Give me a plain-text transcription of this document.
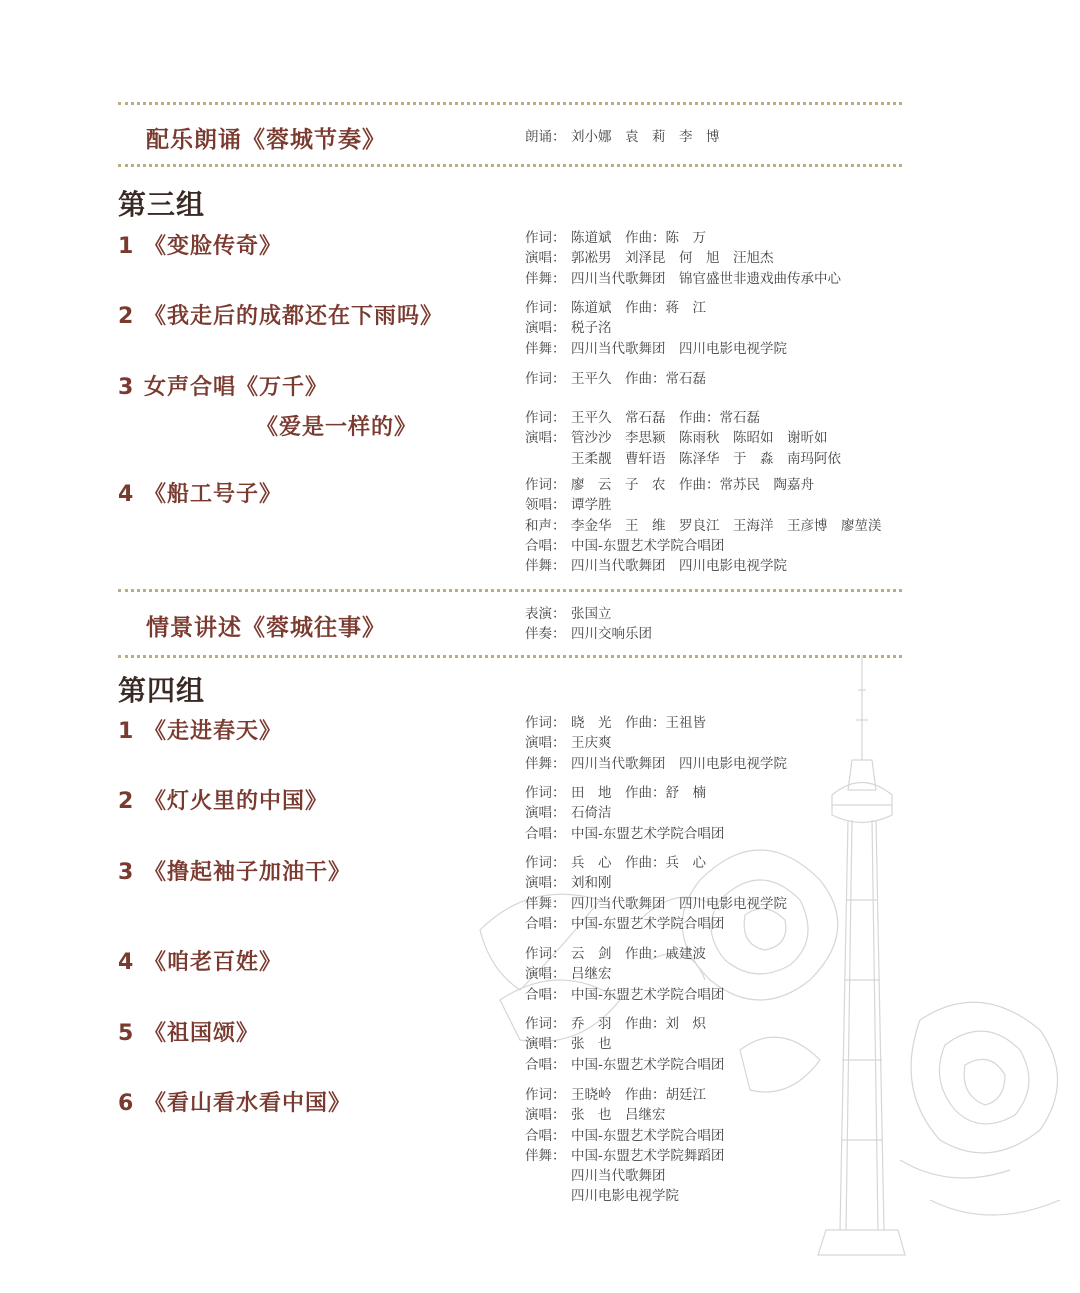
配乐朗诵《蓉城节奏》	朗诵： 刘小娜　袁　莉　李　博
第三组
1 《变脸传奇》	作词： 陈道斌　作曲：陈　万
演唱： 郭凇男　刘泽昆　何　旭　汪旭杰
伴舞： 四川当代歌舞团　锦官盛世非遗戏曲传承中心
2 《我走后的成都还在下雨吗》	作词： 陈道斌　作曲：蒋　江
演唱： 税子洺
伴舞： 四川当代歌舞团　四川电影电视学院
3 女声合唱《万千》	作词： 王平久　作曲：常石磊
《爱是一样的》	作词： 王平久　常石磊　作曲：常石磊
演唱： 管沙沙　李思颍　陈雨秋　陈昭如　谢昕如
王柔靓　曹轩语　陈泽华　于　淼　南玛阿依
4 《船工号子》	作词： 廖　云　子　农　作曲：常苏民　陶嘉舟
领唱： 谭学胜
和声： 李金华　王　维　罗良江　王海洋　王彦博　廖堃渼
合唱： 中国-东盟艺术学院合唱团
伴舞： 四川当代歌舞团　四川电影电视学院
情景讲述《蓉城往事》
表演： 张国立
伴奏： 四川交响乐团
第四组
1 《走进春天》	作词： 晓　光　作曲：王祖皆
演唱： 王庆爽
伴舞： 四川当代歌舞团　四川电影电视学院
2 《灯火里的中国》	作词： 田　地　作曲：舒　楠
演唱： 石倚洁
合唱： 中国-东盟艺术学院合唱团
3 《撸起袖子加油干》	作词： 兵　心　作曲：兵　心
演唱： 刘和刚
伴舞： 四川当代歌舞团　四川电影电视学院
合唱： 中国-东盟艺术学院合唱团
4 《咱老百姓》	作词： 云　剑　作曲：戚建波
演唱： 吕继宏
合唱： 中国-东盟艺术学院合唱团
5 《祖国颂》	作词： 乔　羽　作曲：刘　炽
演唱： 张　也
合唱： 中国-东盟艺术学院合唱团
6 《看山看水看中国》	作词： 王晓岭　作曲：胡廷江
演唱： 张　也　吕继宏
合唱： 中国-东盟艺术学院合唱团
伴舞： 中国-东盟艺术学院舞蹈团
四川当代歌舞团
四川电影电视学院
